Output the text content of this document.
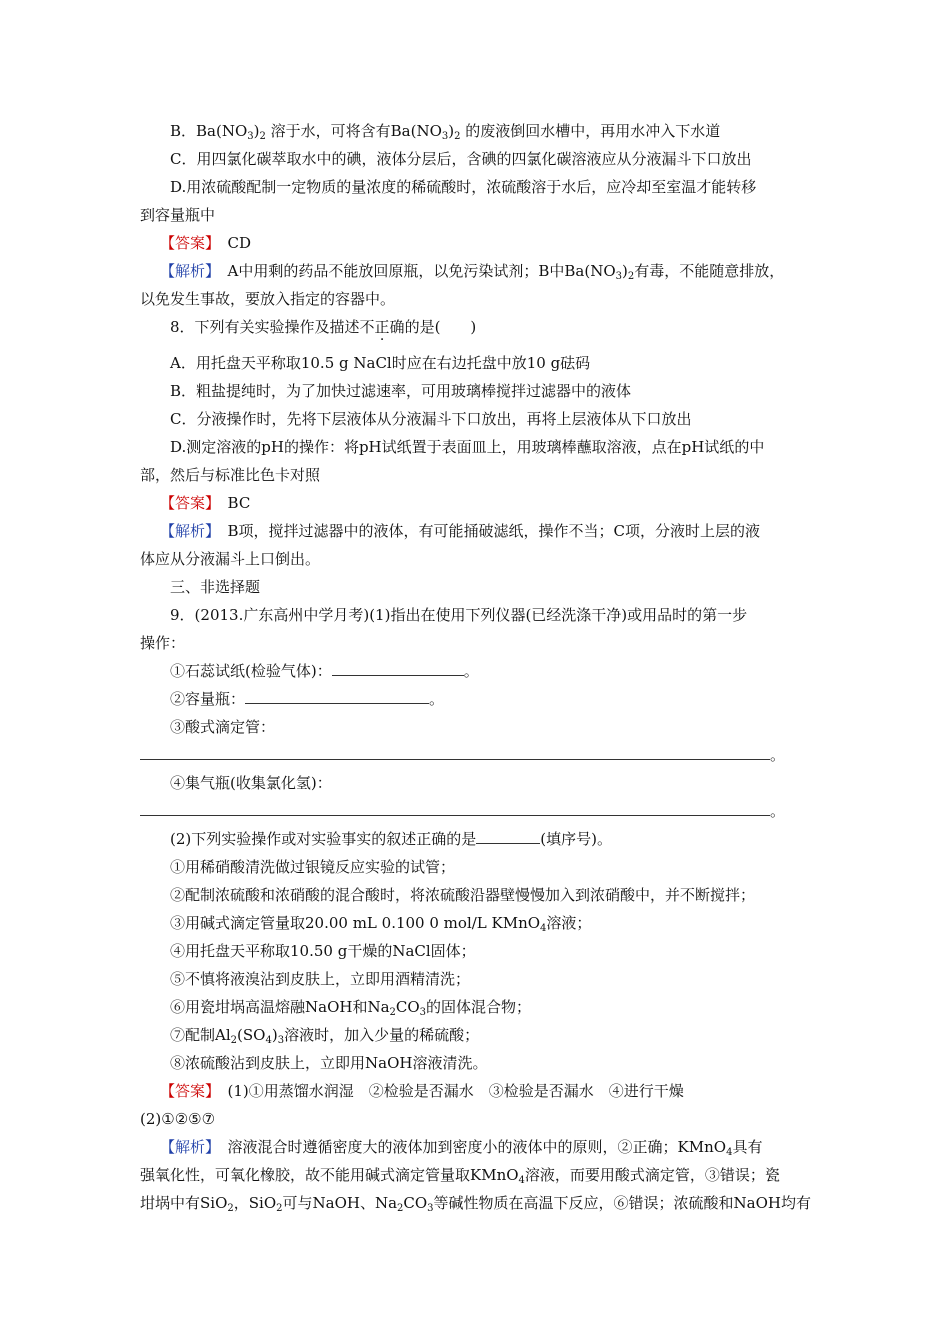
B．$Ba(NO_3)_2$ 溶于水，可将含有$Ba(NO_3)_2$ 的废液倒回水槽中，再用水冲入下水道
C．用四氯化碳萃取水中的碘，液体分层后，含碘的四氯化碳溶液应从分液漏斗下口放出
D.用浓硫酸配制一定物质的量浓度的稀硫酸时，浓硫酸溶于水后，应冷却至室温才能转移
到容量瓶中
【答案】　 CD
【解析】　 A中用剩的药品不能放回原瓶，以免污染试剂；B中$Ba(NO_3)_2$有毒，不能随意排放，
以免发生事故，要放入指定的容器中。
8．下列有关实验操作及描述不正确的是(　　)
A．用托盘天平称取10.5 g NaCl时应在右边托盘中放10 g砝码
B．粗盐提纯时，为了加快过滤速率，可用玻璃棒搅拌过滤器中的液体
C．分液操作时，先将下层液体从分液漏斗下口放出，再将上层液体从下口放出
D.测定溶液的pH的操作：将pH试纸置于表面皿上，用玻璃棒蘸取溶液，点在pH试纸的中
部，然后与标准比色卡对照
【答案】　 BC
【解析】　 B项，搅拌过滤器中的液体，有可能捅破滤纸，操作不当；C项，分液时上层的液
体应从分液漏斗上口倒出。
三、非选择题
9．(2013.广东高州中学月考)(1)指出在使用下列仪器(已经洗涤干净)或用品时的第一步
操作：
①石蕊试纸(检验气体)：	。
②容量瓶：	。
③酸式滴定管：
。
④集气瓶(收集氯化氢)：
。
(2)下列实验操作或对实验事实的叙述正确的是	(填序号)。
①用稀硝酸清洗做过银镜反应实验的试管；
②配制浓硫酸和浓硝酸的混合酸时，将浓硫酸沿器壁慢慢加入到浓硝酸中，并不断搅拌；
③用碱式滴定管量取20.00 mL 0.100 0 mol/L KMnO$_4$溶液；
④用托盘天平称取10.50 g干燥的NaCl固体；
⑤不慎将液溴沾到皮肤上，立即用酒精清洗；
⑥用瓷坩埚高温熔融NaOH和$Na_2CO_3$的固体混合物；
⑦配制$Al_2(SO_4)_3$溶液时，加入少量的稀硫酸；
⑧浓硫酸沾到皮肤上，立即用NaOH溶液清洗。
【答案】　 (1)①用蒸馏水润湿　②检验是否漏水　③检验是否漏水　④进行干燥
(2)①②⑤⑦
【解析】　 溶液混合时遵循密度大的液体加到密度小的液体中的原则，②正确；KMnO$_4$具有
强氧化性，可氧化橡胶，故不能用碱式滴定管量取KMnO$_4$溶液，而要用酸式滴定管，③错误；瓷
坩埚中有SiO$_2$，SiO$_2$可与NaOH、$Na_2CO_3$等碱性物质在高温下反应，⑥错误；浓硫酸和NaOH均有
